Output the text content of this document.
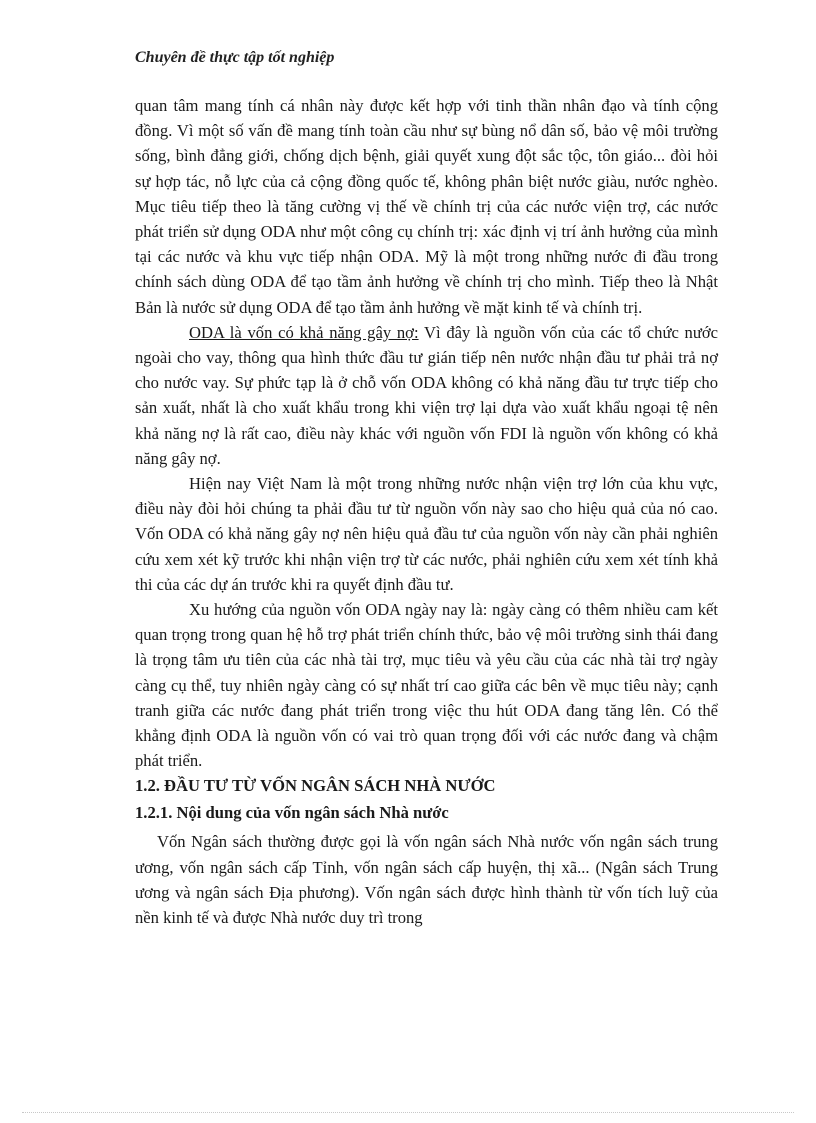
Chuyên đề thực tập tốt nghiệp

quan tâm mang tính cá nhân này được kết hợp với tinh thần nhân đạo và tính cộng đồng. Vì một số vấn đề mang tính toàn cầu như sự bùng nổ dân số, bảo vệ môi trường sống, bình đẳng giới, chống dịch bệnh, giải quyết xung đột sắc tộc, tôn giáo... đòi hỏi sự hợp tác, nỗ lực của cả cộng đồng quốc tế, không phân biệt nước giàu, nước nghèo. Mục tiêu tiếp theo là tăng cường vị thế về chính trị của các nước viện trợ, các nước phát triển sử dụng ODA như một công cụ chính trị: xác định vị trí ảnh hưởng của mình tại các nước và khu vực tiếp nhận ODA. Mỹ là một trong những nước đi đầu trong chính sách dùng ODA để tạo tầm ảnh hưởng về chính trị cho mình. Tiếp theo là Nhật Bản là nước sử dụng ODA để tạo tầm ảnh hưởng về mặt kinh tế và chính trị.

ODA là vốn có khả năng gây nợ: Vì đây là nguồn vốn của các tổ chức nước ngoài cho vay, thông qua hình thức đầu tư gián tiếp nên nước nhận đầu tư phải trả nợ cho nước vay. Sự phức tạp là ở chỗ vốn ODA không có khả năng đầu tư trực tiếp cho sản xuất, nhất là cho xuất khẩu trong khi viện trợ lại dựa vào xuất khẩu ngoại tệ nên khả năng nợ là rất cao, điều này khác với nguồn vốn FDI là nguồn vốn không có khả năng gây nợ.

Hiện nay Việt Nam là một trong những nước nhận viện trợ lớn của khu vực, điều này đòi hỏi chúng ta phải đầu tư từ nguồn vốn này sao cho hiệu quả của nó cao. Vốn ODA có khả năng gây nợ nên hiệu quả đầu tư của nguồn vốn này cần phải nghiên cứu xem xét kỹ trước khi nhận viện trợ từ các nước, phải nghiên cứu xem xét tính khả thi của các dự án trước khi ra quyết định đầu tư.

Xu hướng của nguồn vốn ODA ngày nay là: ngày càng có thêm nhiều cam kết quan trọng trong quan hệ hỗ trợ phát triển chính thức, bảo vệ môi trường sinh thái đang là trọng tâm ưu tiên của các nhà tài trợ, mục tiêu và yêu cầu của các nhà tài trợ ngày càng cụ thể, tuy nhiên ngày càng có sự nhất trí cao giữa các bên về mục tiêu này; cạnh tranh giữa các nước đang phát triển trong việc thu hút ODA đang tăng lên. Có thể khẳng định ODA là nguồn vốn có vai trò quan trọng đối với các nước đang và chậm phát triển.

1.2. ĐẦU TƯ TỪ VỐN NGÂN SÁCH NHÀ NƯỚC

1.2.1. Nội dung của vốn ngân sách Nhà nước

Vốn Ngân sách thường được gọi là vốn ngân sách Nhà nước vốn ngân sách trung ương, vốn ngân sách cấp Tỉnh, vốn ngân sách cấp huyện, thị xã... (Ngân sách Trung ương và ngân sách Địa phương). Vốn ngân sách được hình thành từ vốn tích luỹ của nền kinh tế và được Nhà nước duy trì trong
